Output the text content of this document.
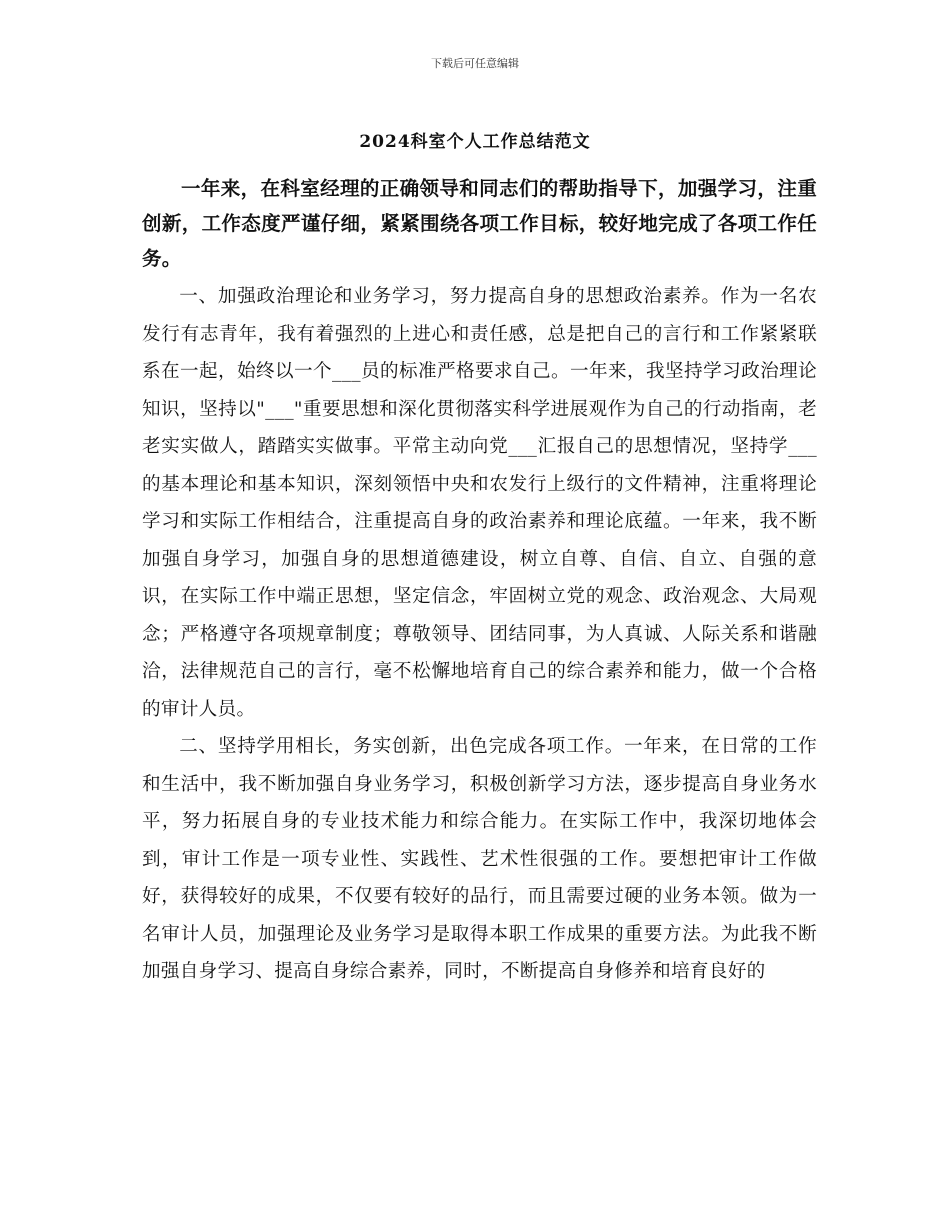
下载后可任意编辑
2024科室个人工作总结范文

一年来，在科室经理的正确领导和同志们的帮助指导下，加强学习，注重创新，工作态度严谨仔细，紧紧围绕各项工作目标，较好地完成了各项工作任务。

一、加强政治理论和业务学习，努力提高自身的思想政治素养。作为一名农发行有志青年，我有着强烈的上进心和责任感，总是把自己的言行和工作紧紧联系在一起，始终以一个___员的标准严格要求自己。一年来，我坚持学习政治理论知识，坚持以"___"重要思想和深化贯彻落实科学进展观作为自己的行动指南，老老实实做人，踏踏实实做事。平常主动向党___汇报自己的思想情况，坚持学___的基本理论和基本知识，深刻领悟中央和农发行上级行的文件精神，注重将理论学习和实际工作相结合，注重提高自身的政治素养和理论底蕴。一年来，我不断加强自身学习，加强自身的思想道德建设，树立自尊、自信、自立、自强的意识，在实际工作中端正思想，坚定信念，牢固树立党的观念、政治观念、大局观念；严格遵守各项规章制度；尊敬领导、团结同事，为人真诚、人际关系和谐融洽，法律规范自己的言行，毫不松懈地培育自己的综合素养和能力，做一个合格的审计人员。

二、坚持学用相长，务实创新，出色完成各项工作。一年来，在日常的工作和生活中，我不断加强自身业务学习，积极创新学习方法，逐步提高自身业务水平，努力拓展自身的专业技术能力和综合能力。在实际工作中，我深切地体会到，审计工作是一项专业性、实践性、艺术性很强的工作。要想把审计工作做好，获得较好的成果，不仅要有较好的品行，而且需要过硬的业务本领。做为一名审计人员，加强理论及业务学习是取得本职工作成果的重要方法。为此我不断加强自身学习、提高自身综合素养，同时，不断提高自身修养和培育良好的
